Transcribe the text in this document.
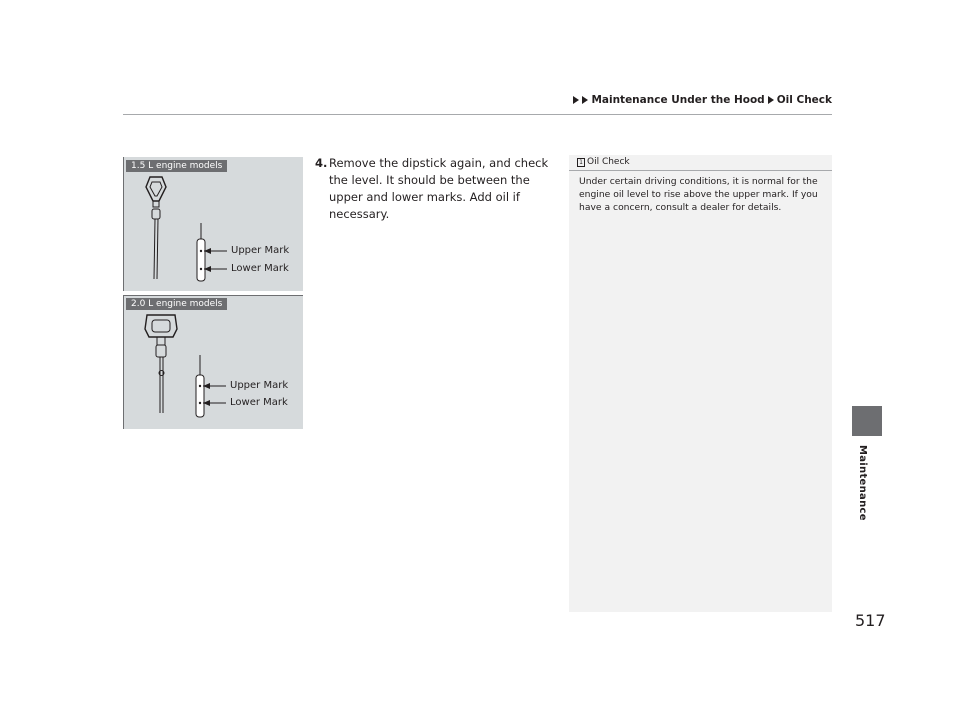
Maintenance Under the Hood Oil Check
Maintenance
517
1.5 L engine models
Upper Mark
Lower Mark
2.0 L engine models
Upper Mark
Lower Mark
4. Remove the dipstick again, and check the level. It should be between the upper and lower marks. Add oil if necessary.
1 Oil Check
Under certain driving conditions, it is normal for the engine oil level to rise above the upper mark. If you have a concern, consult a dealer for details.
